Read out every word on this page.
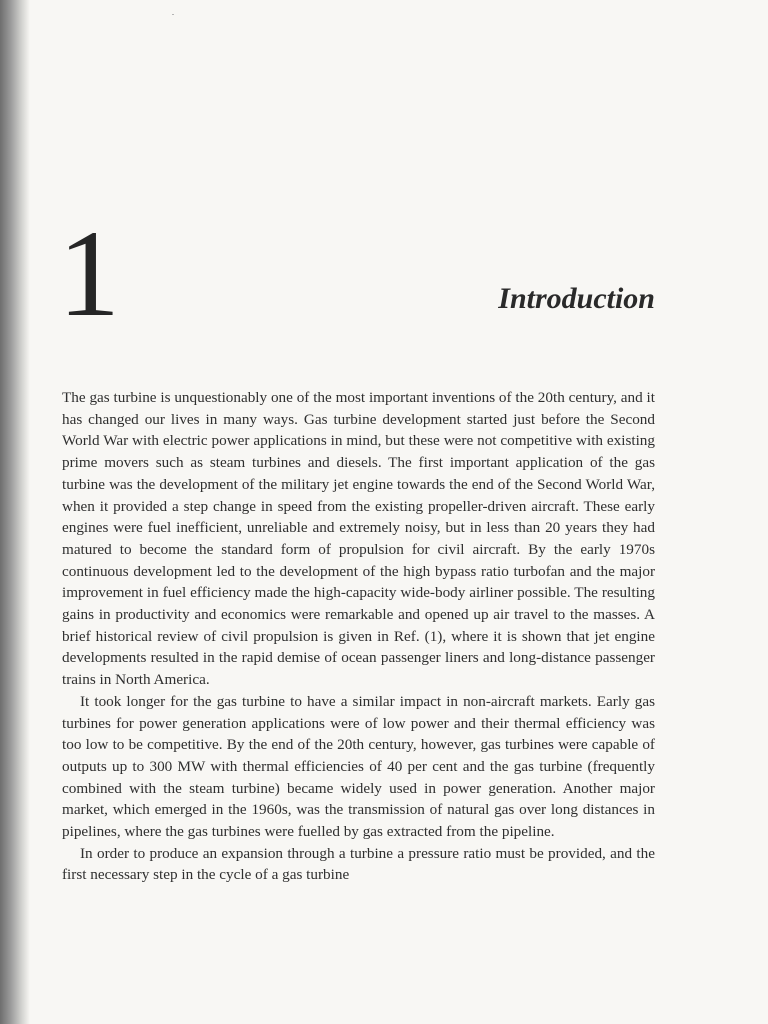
1	Introduction

The gas turbine is unquestionably one of the most important inventions of the 20th century, and it has changed our lives in many ways. Gas turbine development started just before the Second World War with electric power applications in mind, but these were not competitive with existing prime movers such as steam turbines and diesels. The first important application of the gas turbine was the development of the military jet engine towards the end of the Second World War, when it provided a step change in speed from the existing propeller-driven aircraft. These early engines were fuel inefficient, unreliable and extremely noisy, but in less than 20 years they had matured to become the standard form of propulsion for civil aircraft. By the early 1970s continuous development led to the development of the high bypass ratio turbofan and the major improvement in fuel efficiency made the high-capacity wide-body airliner possible. The resulting gains in productivity and economics were remarkable and opened up air travel to the masses. A brief historical review of civil propulsion is given in Ref. (1), where it is shown that jet engine developments resulted in the rapid demise of ocean passenger liners and long-distance passenger trains in North America.

It took longer for the gas turbine to have a similar impact in non-aircraft markets. Early gas turbines for power generation applications were of low power and their thermal efficiency was too low to be competitive. By the end of the 20th century, however, gas turbines were capable of outputs up to 300 MW with thermal efficiencies of 40 per cent and the gas turbine (frequently combined with the steam turbine) became widely used in power generation. Another major market, which emerged in the 1960s, was the transmission of natural gas over long distances in pipelines, where the gas turbines were fuelled by gas extracted from the pipeline.

In order to produce an expansion through a turbine a pressure ratio must be provided, and the first necessary step in the cycle of a gas turbine
